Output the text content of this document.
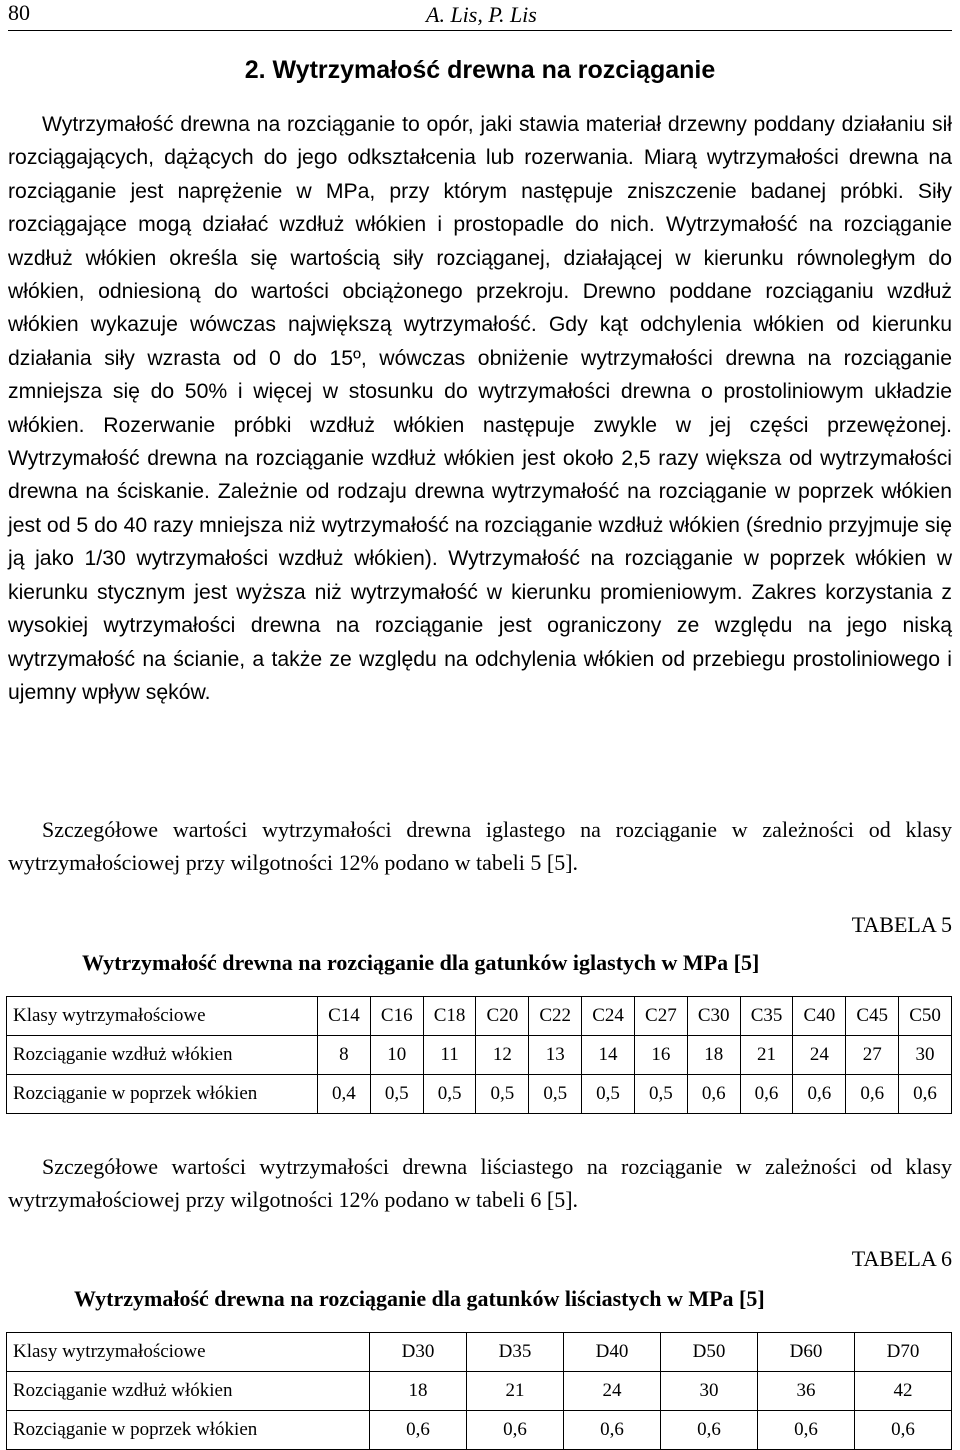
80	A. Lis, P. Lis
2. Wytrzymałość drewna na rozciąganie

Wytrzymałość drewna na rozciąganie to opór, jaki stawia materiał drzewny poddany działaniu sił rozciągających, dążących do jego odkształcenia lub rozerwania. Miarą wytrzymałości drewna na rozciąganie jest naprężenie w MPa, przy którym następuje zniszczenie badanej próbki. Siły rozciągające mogą działać wzdłuż włókien i prostopadle do nich. Wytrzymałość na rozciąganie wzdłuż włókien określa się wartością siły rozciąganej, działającej w kierunku równoległym do włókien, odniesioną do wartości obciążonego przekroju. Drewno poddane rozciąganiu wzdłuż włókien wykazuje wówczas największą wytrzymałość. Gdy kąt odchylenia włókien od kierunku działania siły wzrasta od 0 do 15º, wówczas obniżenie wytrzymałości drewna na rozciąganie zmniejsza się do 50% i więcej w stosunku do wytrzymałości drewna o prostoliniowym układzie włókien. Rozerwanie próbki wzdłuż włókien następuje zwykle w jej części przewężonej. Wytrzymałość drewna na rozciąganie wzdłuż włókien jest około 2,5 razy większa od wytrzymałości drewna na ściskanie. Zależnie od rodzaju drewna wytrzymałość na rozciąganie w poprzek włókien jest od 5 do 40 razy mniejsza niż wytrzymałość na rozciąganie wzdłuż włókien (średnio przyjmuje się ją jako 1/30 wytrzymałości wzdłuż włókien). Wytrzymałość na rozciąganie w poprzek włókien w kierunku stycznym jest wyższa niż wytrzymałość w kierunku promieniowym. Zakres korzystania z wysokiej wytrzymałości drewna na rozciąganie jest ograniczony ze względu na jego niską wytrzymałość na ścianie, a także ze względu na odchylenia włókien od przebiegu prostoliniowego i ujemny wpływ sęków.

Szczegółowe wartości wytrzymałości drewna iglastego na rozciąganie w zależności od klasy wytrzymałościowej przy wilgotności 12% podano w tabeli 5 [5].

TABELA 5
Wytrzymałość drewna na rozciąganie dla gatunków iglastych w MPa [5]
Klasy wytrzymałościowe	C14	C16	C18	C20	C22	C24	C27	C30	C35	C40	C45	C50
Rozciąganie wzdłuż włókien	8	10	11	12	13	14	16	18	21	24	27	30
Rozciąganie w poprzek włókien	0,4	0,5	0,5	0,5	0,5	0,5	0,5	0,6	0,6	0,6	0,6	0,6

Szczegółowe wartości wytrzymałości drewna liściastego na rozciąganie w zależności od klasy wytrzymałościowej przy wilgotności 12% podano w tabeli 6 [5].

TABELA 6
Wytrzymałość drewna na rozciąganie dla gatunków liściastych w MPa [5]
Klasy wytrzymałościowe	D30	D35	D40	D50	D60	D70
Rozciąganie wzdłuż włókien	18	21	24	30	36	42
Rozciąganie w poprzek włókien	0,6	0,6	0,6	0,6	0,6	0,6
